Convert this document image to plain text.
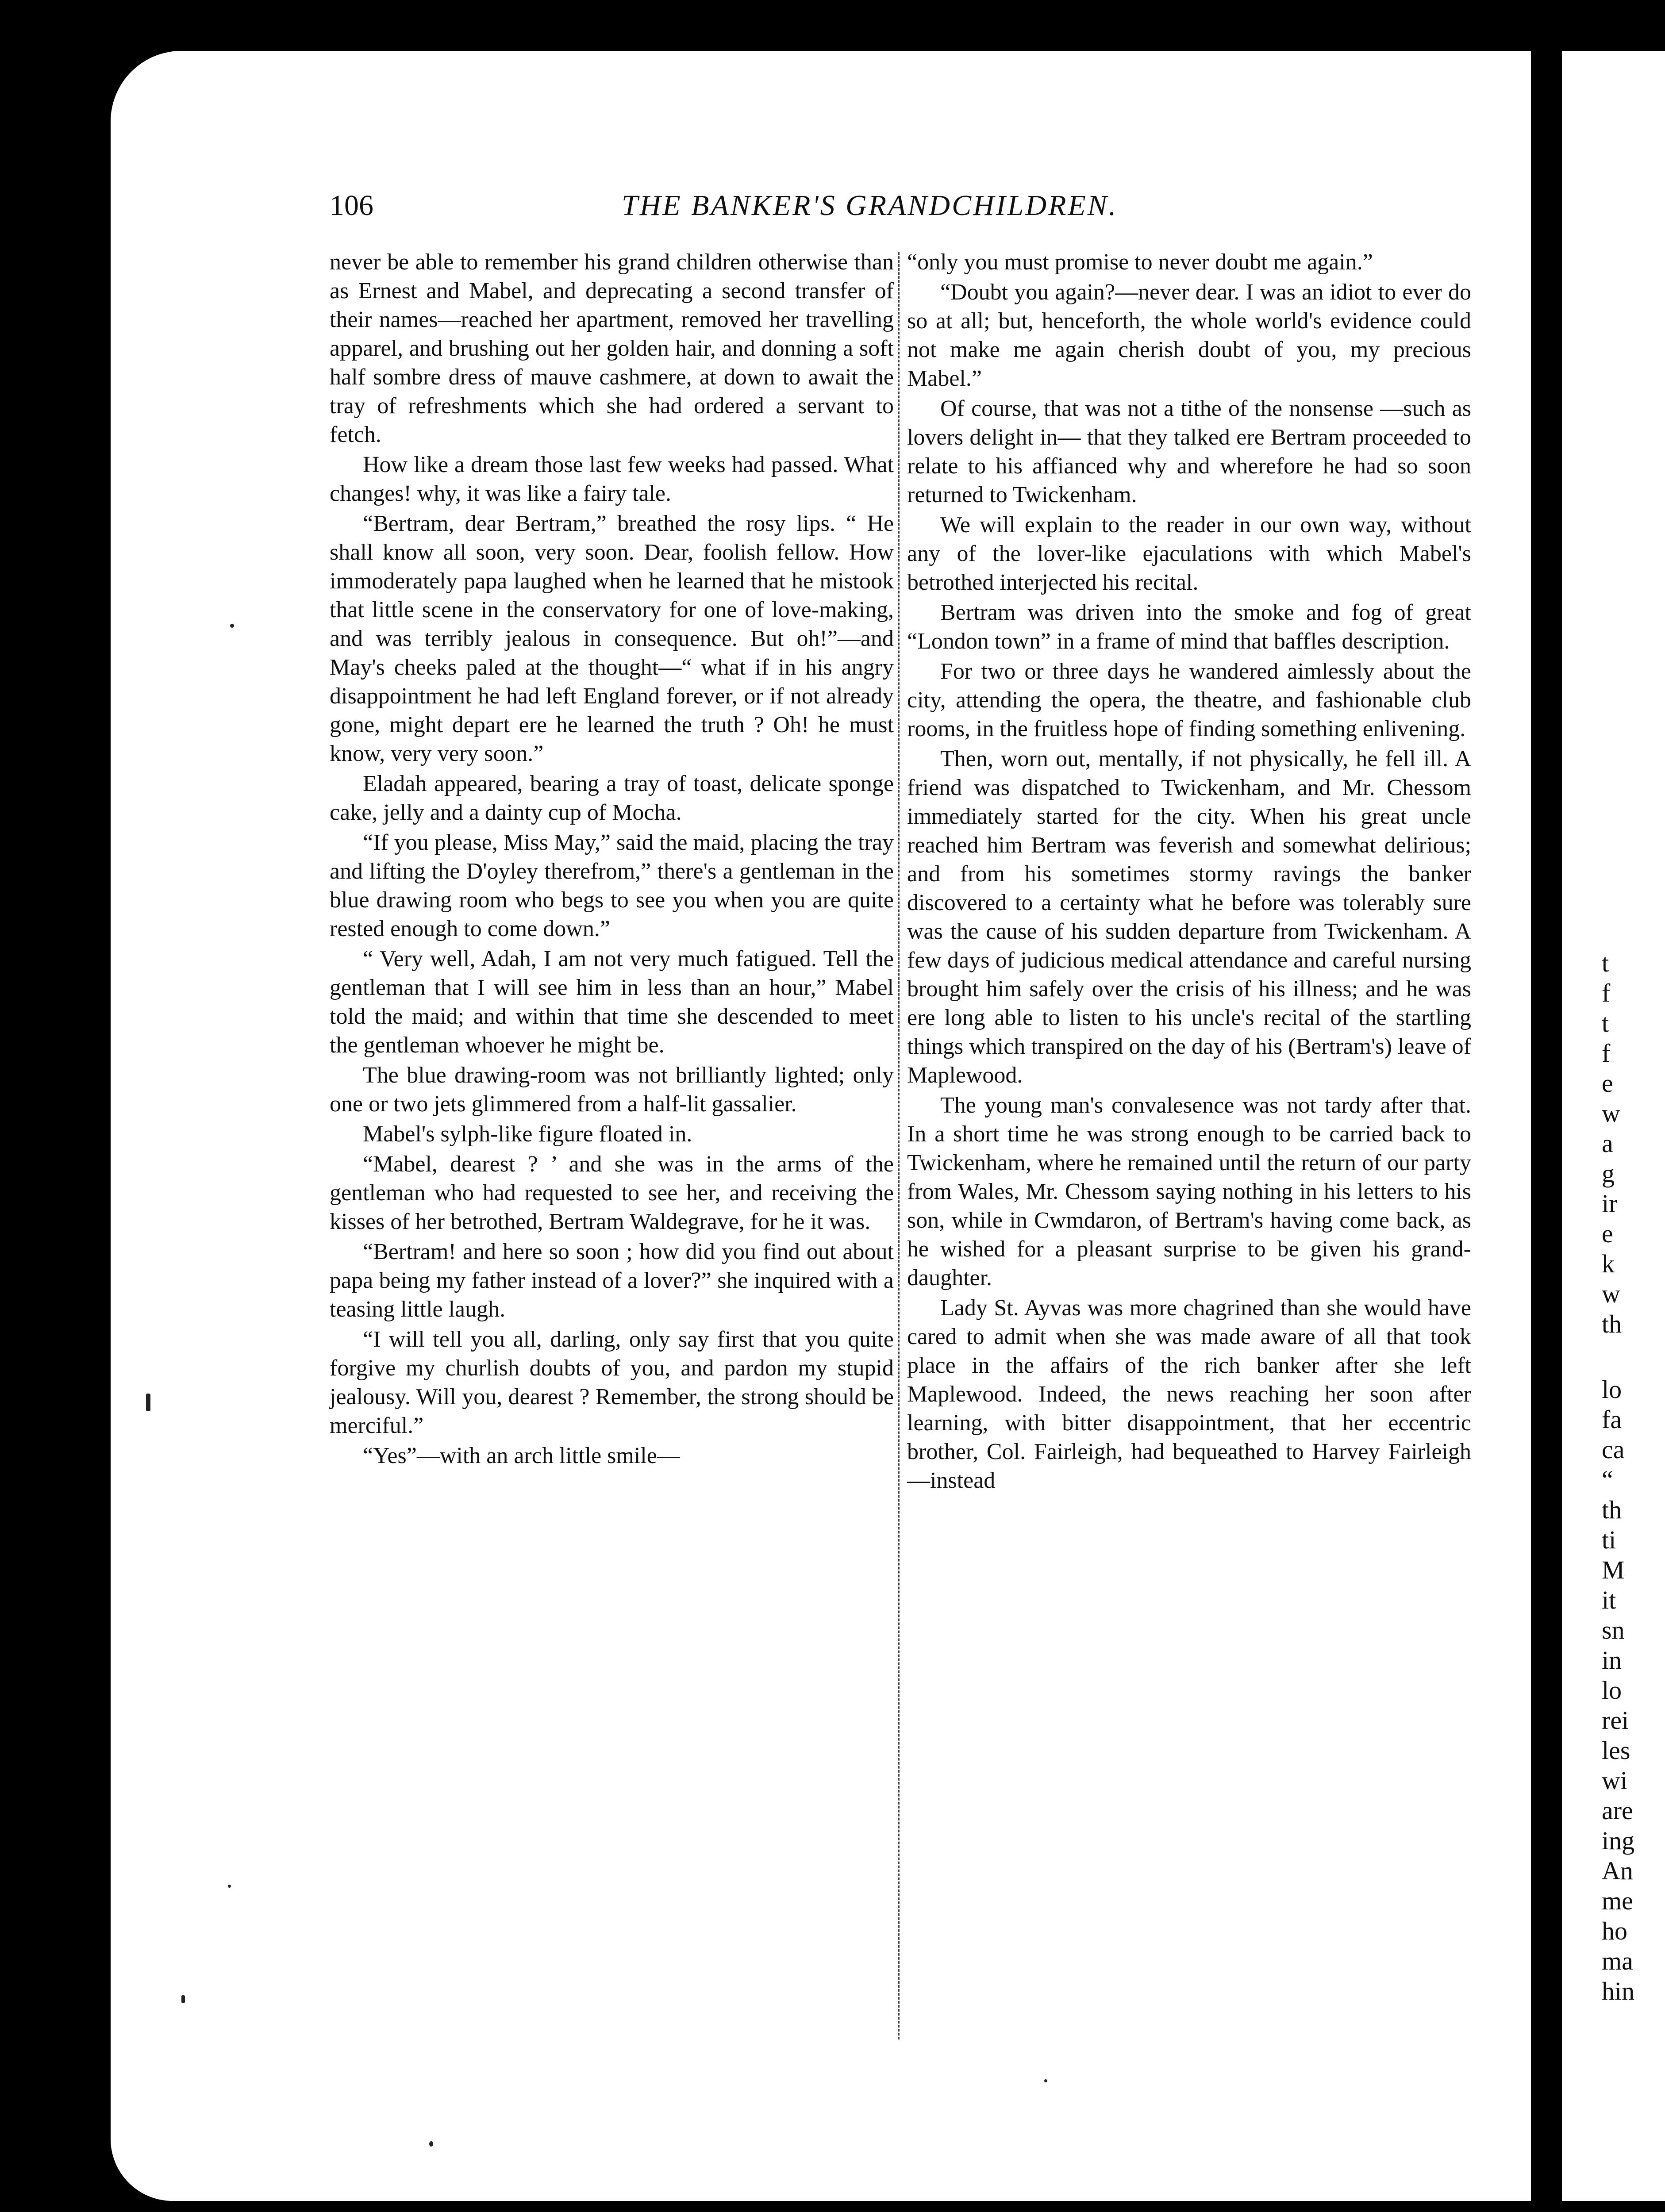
t
f
t
f
e
w
a
g
ir
e
k
w
th
lo
fa
ca
“
th
ti
M
it
sn
in
lo
rei
les
wi
are
ing
An
me
ho
ma
hin
106	THE BANKER'S GRANDCHILDREN.

never be able to remember his grand children otherwise than as Ernest and Mabel, and deprecating a second transfer of their names—reached her apartment, removed her travelling apparel, and brushing out her golden hair, and donning a soft half sombre dress of mauve cashmere, at down to await the tray of refreshments which she had ordered a servant to fetch.

How like a dream those last few weeks had passed. What changes! why, it was like a fairy tale.

“Bertram, dear Bertram,” breathed the rosy lips. “ He shall know all soon, very soon. Dear, foolish fellow. How immoderately papa laughed when he learned that he mistook that little scene in the conservatory for one of love-making, and was terribly jealous in consequence. But oh!”—and May's cheeks paled at the thought—“ what if in his angry disappointment he had left England forever, or if not already gone, might depart ere he learned the truth ? Oh! he must know, very very soon.”

Eladah appeared, bearing a tray of toast, delicate sponge cake, jelly and a dainty cup of Mocha.

“If you please, Miss May,” said the maid, placing the tray and lifting the D'oyley therefrom,” there's a gentleman in the blue drawing room who begs to see you when you are quite rested enough to come down.”

“ Very well, Adah, I am not very much fatigued. Tell the gentleman that I will see him in less than an hour,” Mabel told the maid; and within that time she descended to meet the gentleman whoever he might be.

The blue drawing-room was not brilliantly lighted; only one or two jets glimmered from a half-lit gassalier.

Mabel's sylph-like figure floated in.

“Mabel, dearest ? ’ and she was in the arms of the gentleman who had requested to see her, and receiving the kisses of her betrothed, Bertram Waldegrave, for he it was.

“Bertram! and here so soon ; how did you find out about papa being my father instead of a lover?” she inquired with a teasing little laugh.

“I will tell you all, darling, only say first that you quite forgive my churlish doubts of you, and pardon my stupid jealousy. Will you, dearest ? Remember, the strong should be merciful.”

“Yes”—with an arch little smile—

“only you must promise to never doubt me again.”

“Doubt you again?—never dear. I was an idiot to ever do so at all; but, henceforth, the whole world's evidence could not make me again cherish doubt of you, my precious Mabel.”

Of course, that was not a tithe of the nonsense —such as lovers delight in— that they talked ere Bertram proceeded to relate to his affianced why and wherefore he had so soon returned to Twickenham.

We will explain to the reader in our own way, without any of the lover-like ejaculations with which Mabel's betrothed interjected his recital.

Bertram was driven into the smoke and fog of great “London town” in a frame of mind that baffles description.

For two or three days he wandered aimlessly about the city, attending the opera, the theatre, and fashionable club rooms, in the fruitless hope of finding something enlivening.

Then, worn out, mentally, if not physically, he fell ill. A friend was dispatched to Twickenham, and Mr. Chessom immediately started for the city. When his great uncle reached him Bertram was feverish and somewhat delirious; and from his sometimes stormy ravings the banker discovered to a certainty what he before was tolerably sure was the cause of his sudden departure from Twickenham. A few days of judicious medical attendance and careful nursing brought him safely over the crisis of his illness; and he was ere long able to listen to his uncle's recital of the startling things which transpired on the day of his (Bertram's) leave of Maplewood.

The young man's convalesence was not tardy after that. In a short time he was strong enough to be carried back to Twickenham, where he remained until the return of our party from Wales, Mr. Chessom saying nothing in his letters to his son, while in Cwmdaron, of Bertram's having come back, as he wished for a pleasant surprise to be given his grand-daughter.

Lady St. Ayvas was more chagrined than she would have cared to admit when she was made aware of all that took place in the affairs of the rich banker after she left Maplewood. Indeed, the news reaching her soon after learning, with bitter disappointment, that her eccentric brother, Col. Fairleigh, had bequeathed to Harvey Fairleigh—instead
